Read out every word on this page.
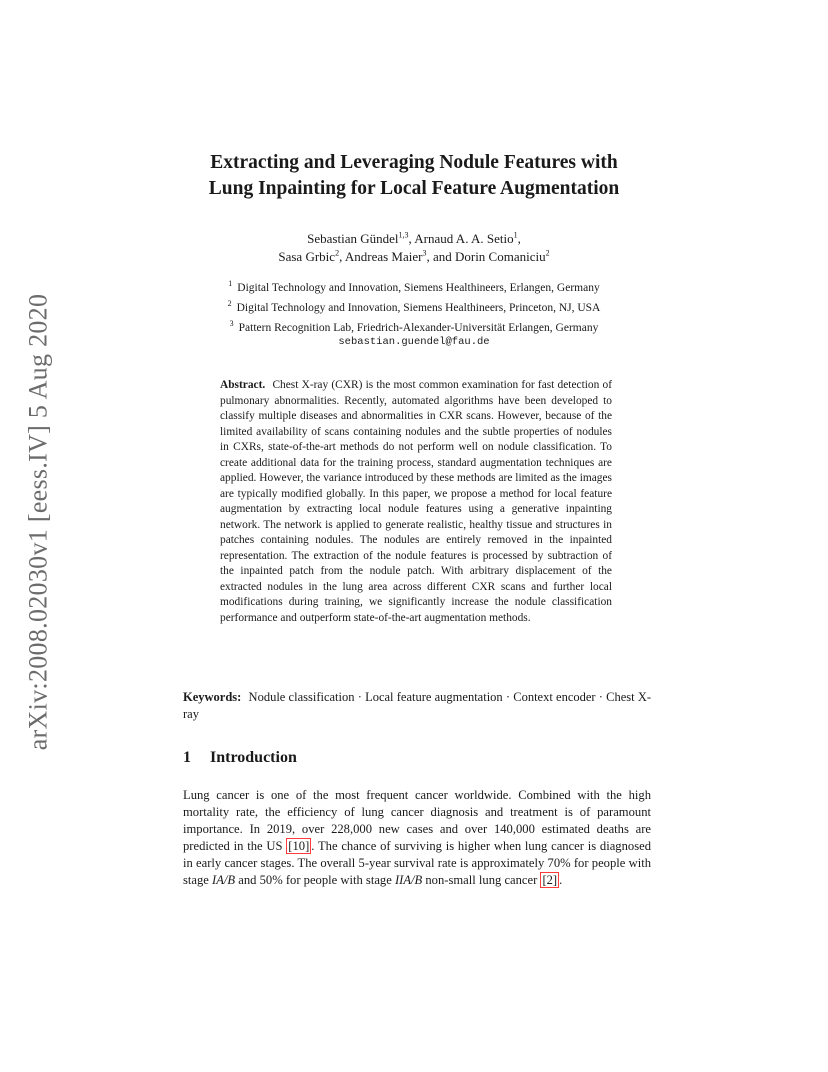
arXiv:2008.02030v1 [eess.IV] 5 Aug 2020
Extracting and Leveraging Nodule Features with
Lung Inpainting for Local Feature Augmentation
Sebastian Gündel$^{1,3}$, Arnaud A. A. Setio$^1$,
Sasa Grbic$^2$, Andreas Maier$^3$, and Dorin Comaniciu$^2$
$^1$ Digital Technology and Innovation, Siemens Healthineers, Erlangen, Germany
$^2$ Digital Technology and Innovation, Siemens Healthineers, Princeton, NJ, USA
$^3$ Pattern Recognition Lab, Friedrich-Alexander-Universität Erlangen, Germany
sebastian.guendel@fau.de
Abstract. Chest X-ray (CXR) is the most common examination for fast detection of pulmonary abnormalities. Recently, automated algorithms have been developed to classify multiple diseases and abnormalities in CXR scans. However, because of the limited availability of scans containing nodules and the subtle properties of nodules in CXRs, state-of-the-art methods do not perform well on nodule classification. To create additional data for the training process, standard augmentation techniques are applied. However, the variance introduced by these methods are limited as the images are typically modified globally. In this paper, we propose a method for local feature augmentation by extracting local nodule features using a generative inpainting network. The network is applied to generate realistic, healthy tissue and structures in patches containing nodules. The nodules are entirely removed in the inpainted representation. The extraction of the nodule features is processed by subtraction of the inpainted patch from the nodule patch. With arbitrary displacement of the extracted nodules in the lung area across different CXR scans and further local modifications during training, we significantly increase the nodule classification performance and outperform state-of-the-art augmentation methods.
Keywords: Nodule classification · Local feature augmentation · Context encoder · Chest X-ray
1 Introduction
Lung cancer is one of the most frequent cancer worldwide. Combined with the high mortality rate, the efficiency of lung cancer diagnosis and treatment is of paramount importance. In 2019, over 228,000 new cases and over 140,000 estimated deaths are predicted in the US [10] . The chance of surviving is higher when lung cancer is diagnosed in early cancer stages. The overall 5-year survival rate is approximately 70% for people with stage IA/B and 50% for people with stage IIA/B non-small lung cancer [2] .
